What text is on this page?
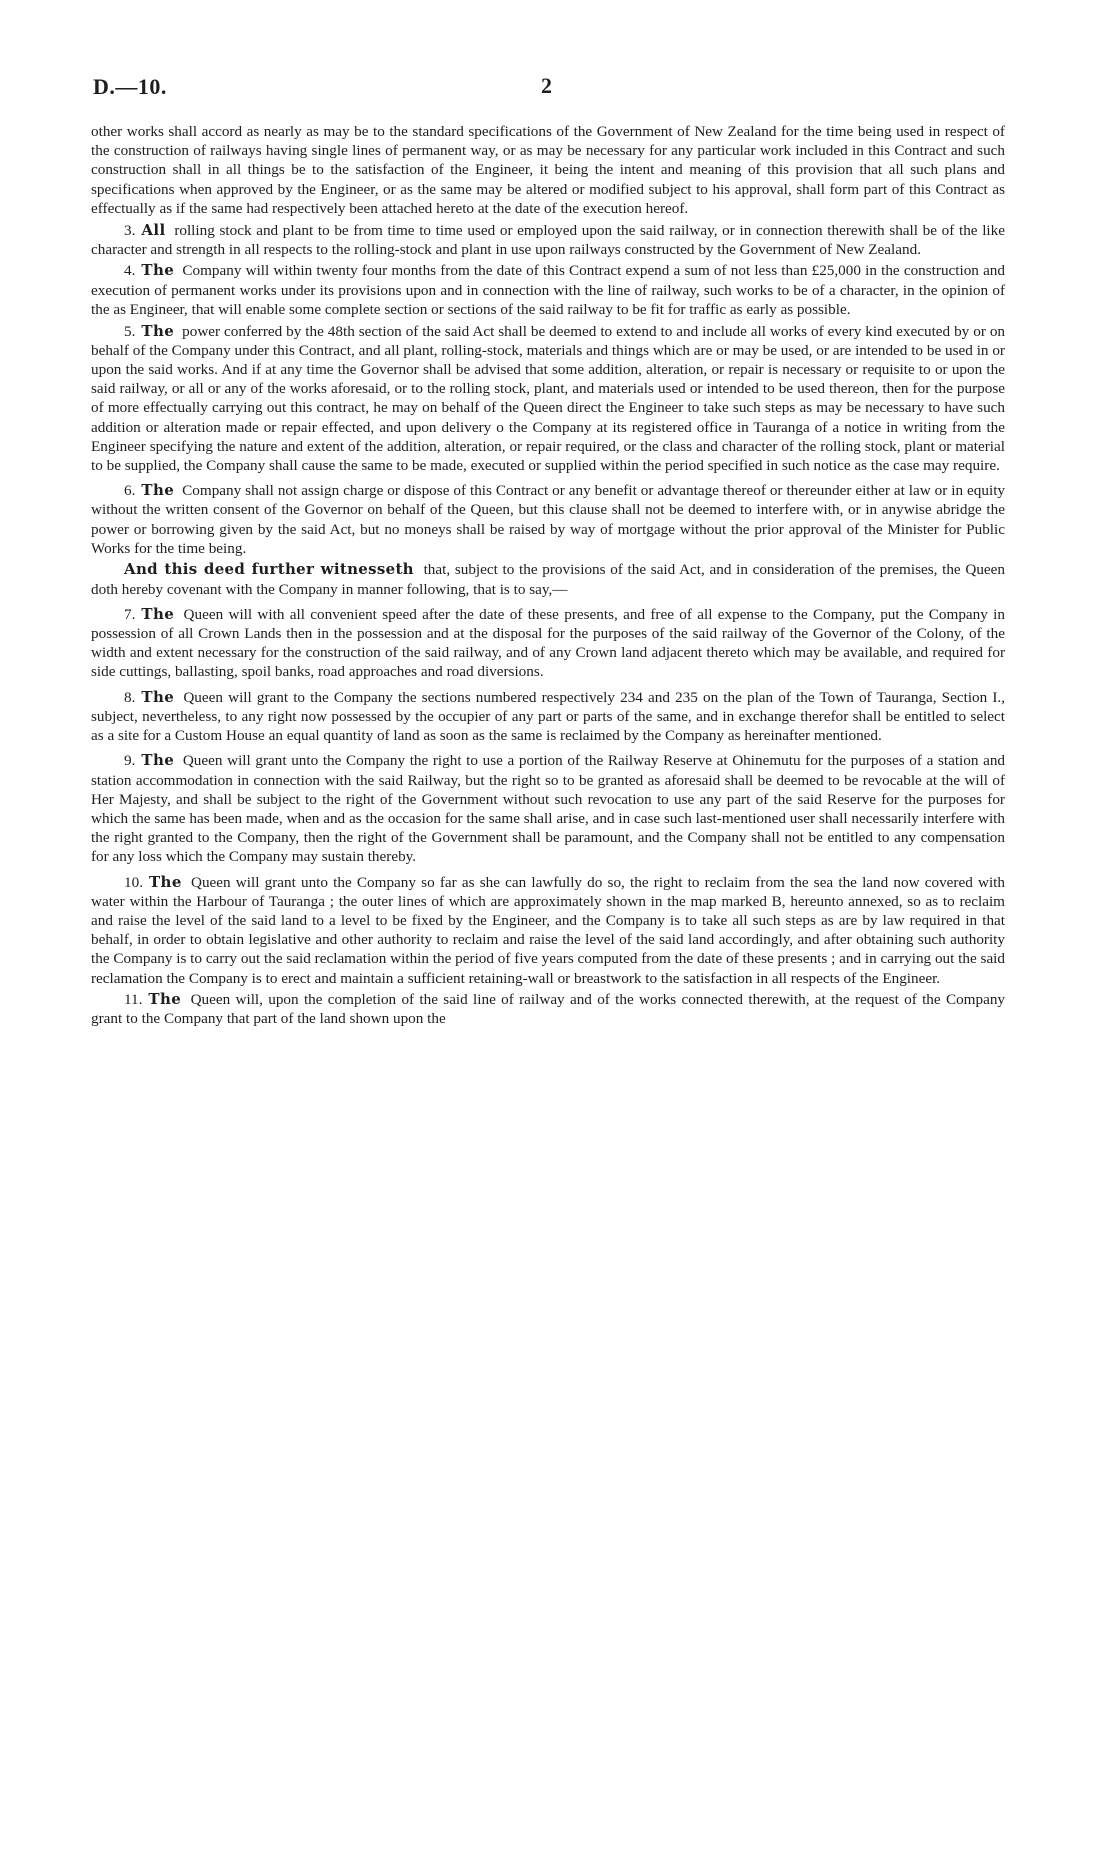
D.—10.	2

other works shall accord as nearly as may be to the standard specifications of the Government of New Zealand for the time being used in respect of the construction of railways having single lines of permanent way, or as may be necessary for any particular work included in this Contract and such construction shall in all things be to the satisfaction of the Engineer, it being the intent and meaning of this provision that all such plans and specifications when approved by the Engineer, or as the same may be altered or modified subject to his approval, shall form part of this Contract as effectually as if the same had respectively been attached hereto at the date of the execution hereof.

3. All rolling stock and plant to be from time to time used or employed upon the said railway, or in connection therewith shall be of the like character and strength in all respects to the rolling-stock and plant in use upon railways constructed by the Government of New Zealand.

4. The Company will within twenty four months from the date of this Contract expend a sum of not less than £25,000 in the construction and execution of permanent works under its provisions upon and in connection with the line of railway, such works to be of a character, in the opinion of the as Engineer, that will enable some complete section or sections of the said railway to be fit for traffic as early as possible.

5. The power conferred by the 48th section of the said Act shall be deemed to extend to and include all works of every kind executed by or on behalf of the Company under this Contract, and all plant, rolling-stock, materials and things which are or may be used, or are intended to be used in or upon the said works. And if at any time the Governor shall be advised that some addition, alteration, or repair is necessary or requisite to or upon the said railway, or all or any of the works aforesaid, or to the rolling stock, plant, and materials used or intended to be used thereon, then for the purpose of more effectually carrying out this contract, he may on behalf of the Queen direct the Engineer to take such steps as may be necessary to have such addition or alteration made or repair effected, and upon delivery o the Company at its registered office in Tauranga of a notice in writing from the Engineer specifying the nature and extent of the addition, alteration, or repair required, or the class and character of the rolling stock, plant or material to be supplied, the Company shall cause the same to be made, executed or supplied within the period specified in such notice as the case may require.

6. The Company shall not assign charge or dispose of this Contract or any benefit or advantage thereof or thereunder either at law or in equity without the written consent of the Governor on behalf of the Queen, but this clause shall not be deemed to interfere with, or in anywise abridge the power or borrowing given by the said Act, but no moneys shall be raised by way of mortgage without the prior approval of the Minister for Public Works for the time being.

And this deed further witnesseth that, subject to the provisions of the said Act, and in consideration of the premises, the Queen doth hereby covenant with the Company in manner following, that is to say,—

7. The Queen will with all convenient speed after the date of these presents, and free of all expense to the Company, put the Company in possession of all Crown Lands then in the possession and at the disposal for the purposes of the said railway of the Governor of the Colony, of the width and extent necessary for the construction of the said railway, and of any Crown land adjacent thereto which may be available, and required for side cuttings, ballasting, spoil banks, road approaches and road diversions.

8. The Queen will grant to the Company the sections numbered respectively 234 and 235 on the plan of the Town of Tauranga, Section I., subject, nevertheless, to any right now possessed by the occupier of any part or parts of the same, and in exchange therefor shall be entitled to select as a site for a Custom House an equal quantity of land as soon as the same is reclaimed by the Company as hereinafter mentioned.

9. The Queen will grant unto the Company the right to use a portion of the Railway Reserve at Ohinemutu for the purposes of a station and station accommodation in connection with the said Railway, but the right so to be granted as aforesaid shall be deemed to be revocable at the will of Her Majesty, and shall be subject to the right of the Government without such revocation to use any part of the said Reserve for the purposes for which the same has been made, when and as the occasion for the same shall arise, and in case such last-mentioned user shall necessarily interfere with the right granted to the Company, then the right of the Government shall be paramount, and the Company shall not be entitled to any compensation for any loss which the Company may sustain thereby.

10. The Queen will grant unto the Company so far as she can lawfully do so, the right to reclaim from the sea the land now covered with water within the Harbour of Tauranga ; the outer lines of which are approximately shown in the map marked B, hereunto annexed, so as to reclaim and raise the level of the said land to a level to be fixed by the Engineer, and the Company is to take all such steps as are by law required in that behalf, in order to obtain legislative and other authority to reclaim and raise the level of the said land accordingly, and after obtaining such authority the Company is to carry out the said reclamation within the period of five years computed from the date of these presents ; and in carrying out the said reclamation the Company is to erect and maintain a sufficient retaining-wall or breastwork to the satisfaction in all respects of the Engineer.

11. The Queen will, upon the completion of the said line of railway and of the works connected therewith, at the request of the Company grant to the Company that part of the land shown upon the
